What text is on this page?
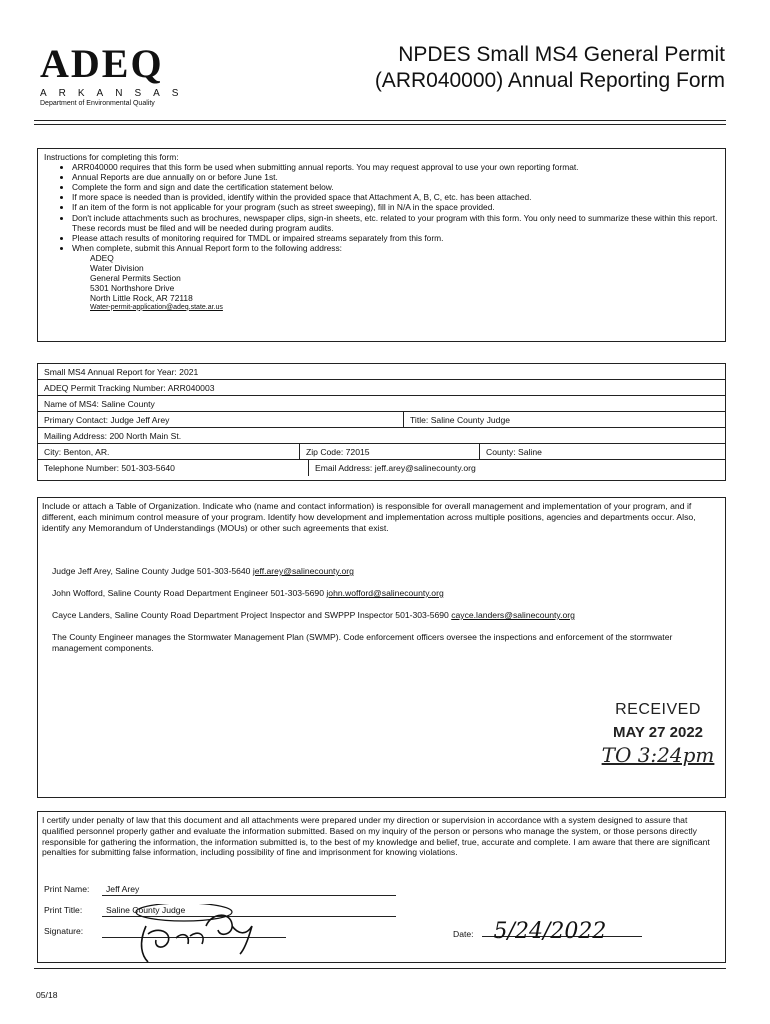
ADEQ
ARKANSAS
Department of Environmental Quality
NPDES Small MS4 General Permit
(ARR040000) Annual Reporting Form
Instructions for completing this form:
• ARR040000 requires that this form be used when submitting annual reports. You may request approval to use your own reporting format.
• Annual Reports are due annually on or before June 1st.
• Complete the form and sign and date the certification statement below.
• If more space is needed than is provided, identify within the provided space that Attachment A, B, C, etc. has been attached.
• If an item of the form is not applicable for your program (such as street sweeping), fill in N/A in the space provided.
• Don't include attachments such as brochures, newspaper clips, sign-in sheets, etc. related to your program with this form. You only need to summarize these within this report. These records must be filed and will be needed during program audits.
• Please attach results of monitoring required for TMDL or impaired streams separately from this form.
• When complete, submit this Annual Report form to the following address:
ADEQ
Water Division
General Permits Section
5301 Northshore Drive
North Little Rock, AR 72118
Water-permit-application@adeq.state.ar.us
Small MS4 Annual Report for Year: 2021
ADEQ Permit Tracking Number: ARR040003
Name of MS4: Saline County
Primary Contact: Judge Jeff Arey	Title: Saline County Judge
Mailing Address: 200 North Main St.
City: Benton, AR.	Zip Code: 72015	County: Saline
Telephone Number: 501-303-5640	Email Address: jeff.arey@salinecounty.org
Include or attach a Table of Organization. Indicate who (name and contact information) is responsible for overall management and implementation of your program, and if different, each minimum control measure of your program. Identify how development and implementation across multiple positions, agencies and departments occur. Also, identify any Memorandum of Understandings (MOUs) or other such agreements that exist.

Judge Jeff Arey, Saline County Judge 501-303-5640 jeff.arey@salinecounty.org

John Wofford, Saline County Road Department Engineer 501-303-5690 john.wofford@salinecounty.org

Cayce Landers, Saline County Road Department Project Inspector and SWPPP Inspector 501-303-5690 cayce.landers@salinecounty.org

The County Engineer manages the Stormwater Management Plan (SWMP). Code enforcement officers oversee the inspections and enforcement of the stormwater management components.

RECEIVED
MAY 27 2022
TO 3:24pm
I certify under penalty of law that this document and all attachments were prepared under my direction or supervision in accordance with a system designed to assure that qualified personnel properly gather and evaluate the information submitted. Based on my inquiry of the person or persons who manage the system, or those persons directly responsible for gathering the information, the information submitted is, to the best of my knowledge and belief, true, accurate and complete. I am aware that there are significant penalties for submitting false information, including possibility of fine and imprisonment for knowing violations.
Print Name: Jeff Arey
Print Title:	Saline County Judge
Signature:	Date: 5/24/2022
05/18
